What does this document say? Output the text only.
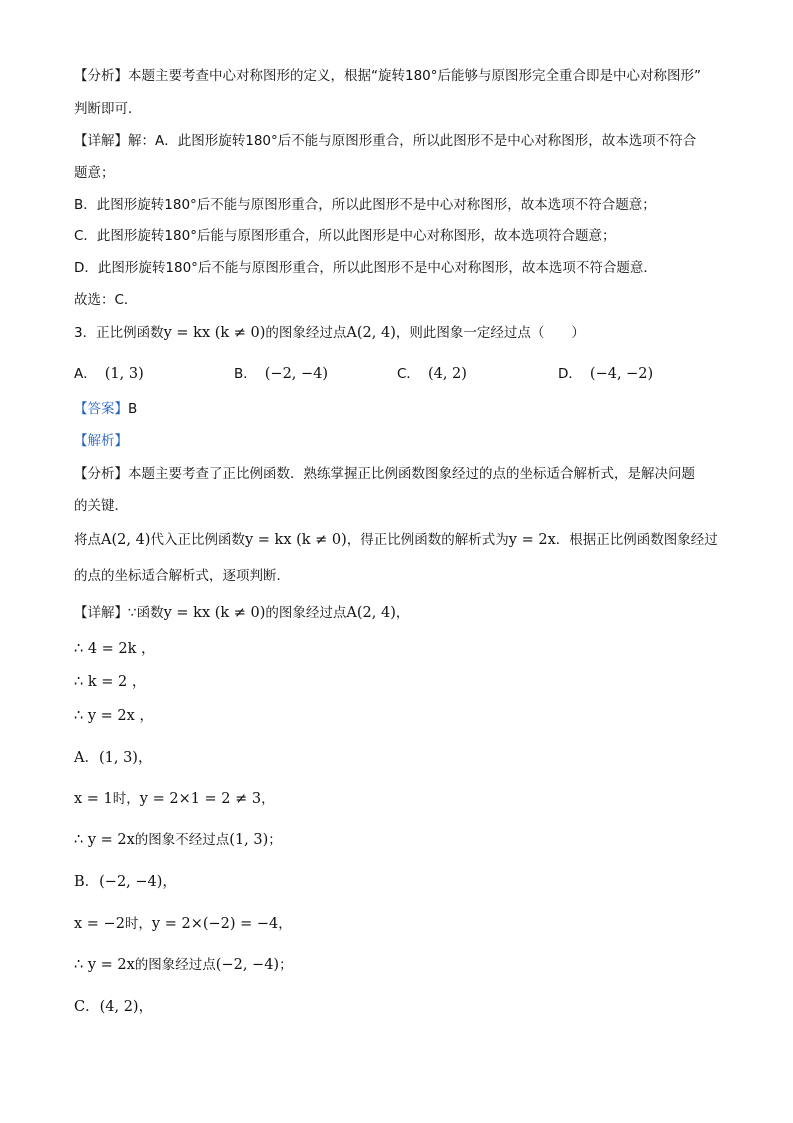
【分析】本题主要考查中心对称图形的定义，根据“旋转180°后能够与原图形完全重合即是中心对称图形”
判断即可．
【详解】解：A．此图形旋转180°后不能与原图形重合，所以此图形不是中心对称图形，故本选项不符合
题意；
B．此图形旋转180°后不能与原图形重合，所以此图形不是中心对称图形，故本选项不符合题意；
C．此图形旋转180°后能与原图形重合，所以此图形是中心对称图形，故本选项符合题意；
D．此图形旋转180°后不能与原图形重合，所以此图形不是中心对称图形，故本选项不符合题意．
故选：C．
3．正比例函数y = kx (k ≠ 0)的图象经过点A(2, 4)，则此图象一定经过点（　　）
A． (1, 3)	B． (−2, −4)	C． (4, 2)	D． (−4, −2)
【答案】B
【解析】
【分析】本题主要考查了正比例函数．熟练掌握正比例函数图象经过的点的坐标适合解析式，是解决问题
的关键．
将点A(2, 4)代入正比例函数y = kx (k ≠ 0)，得正比例函数的解析式为y = 2x．根据正比例函数图象经过
的点的坐标适合解析式，逐项判断．
【详解】∵函数y = kx (k ≠ 0)的图象经过点A(2, 4)，
∴ 4 = 2k ，
∴ k = 2 ，
∴ y = 2x ，
A．(1, 3)，
x = 1时，y = 2×1 = 2 ≠ 3，
∴ y = 2x的图象不经过点(1, 3)；
B．(−2, −4)，
x = −2时，y = 2×(−2) = −4，
∴ y = 2x的图象经过点(−2, −4)；
C．(4, 2)，
